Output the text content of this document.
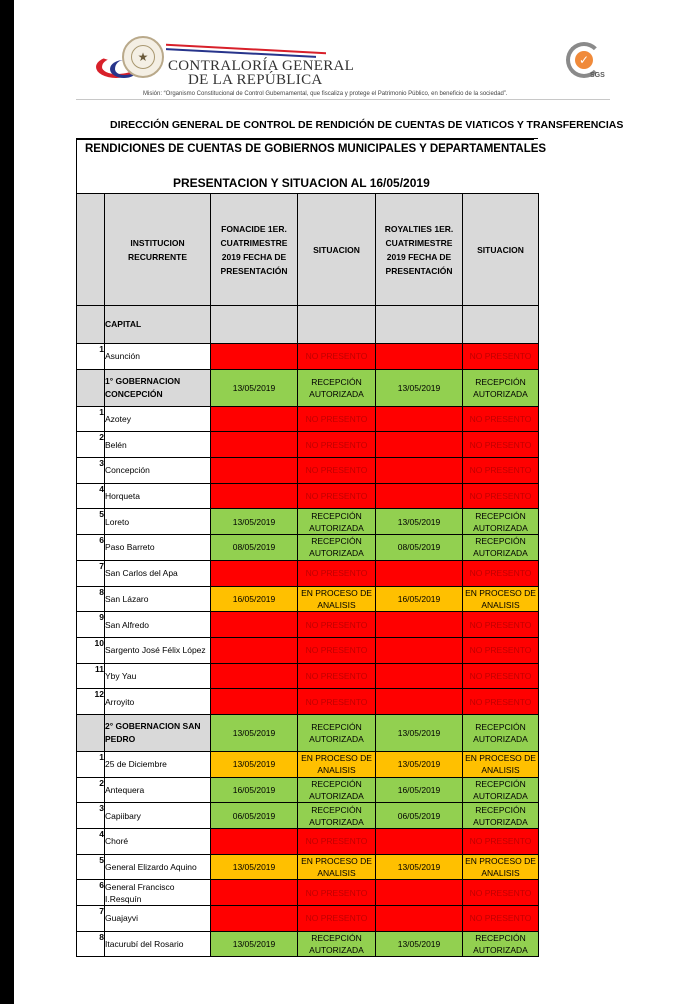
★
CONTRALORÍA GENERAL
DE LA REPÚBLICA
Misión: “Organismo Constitucional de Control Gubernamental, que fiscaliza y protege el Patrimonio Público, en beneficio de la sociedad”.
✓
SGS
DIRECCIÓN GENERAL DE CONTROL DE RENDICIÓN DE CUENTAS DE VIATICOS Y TRANSFERENCIAS
RENDICIONES DE CUENTAS DE GOBIERNOS MUNICIPALES Y DEPARTAMENTALES
PRESENTACION Y SITUACION AL 16/05/2019
	INSTITUCION RECURRENTE	FONACIDE 1ER. CUATRIMESTRE 2019 FECHA DE PRESENTACIÓN	SITUACION	ROYALTIES 1ER. CUATRIMESTRE 2019 FECHA DE PRESENTACIÓN	SITUACION
	CAPITAL				
1	Asunción		NO PRESENTO		NO PRESENTO
	1° GOBERNACION CONCEPCIÓN	13/05/2019	RECEPCIÓN AUTORIZADA	13/05/2019	RECEPCIÓN AUTORIZADA
1	Azotey		NO PRESENTO		NO PRESENTO
2	Belén		NO PRESENTO		NO PRESENTO
3	Concepción		NO PRESENTO		NO PRESENTO
4	Horqueta		NO PRESENTO		NO PRESENTO
5	Loreto	13/05/2019	RECEPCIÓN AUTORIZADA	13/05/2019	RECEPCIÓN AUTORIZADA
6	Paso Barreto	08/05/2019	RECEPCIÓN AUTORIZADA	08/05/2019	RECEPCIÓN AUTORIZADA
7	San Carlos del Apa		NO PRESENTO		NO PRESENTO
8	San Lázaro	16/05/2019	EN PROCESO DE ANALISIS	16/05/2019	EN PROCESO DE ANALISIS
9	San Alfredo		NO PRESENTO		NO PRESENTO
10	Sargento José Félix López		NO PRESENTO		NO PRESENTO
11	Yby Yau		NO PRESENTO		NO PRESENTO
12	Arroyito		NO PRESENTO		NO PRESENTO
	2° GOBERNACION SAN PEDRO	13/05/2019	RECEPCIÓN AUTORIZADA	13/05/2019	RECEPCIÓN AUTORIZADA
1	25 de Diciembre	13/05/2019	EN PROCESO DE ANALISIS	13/05/2019	EN PROCESO DE ANALISIS
2	Antequera	16/05/2019	RECEPCIÓN AUTORIZADA	16/05/2019	RECEPCIÓN AUTORIZADA
3	Capiibary	06/05/2019	RECEPCIÓN AUTORIZADA	06/05/2019	RECEPCIÓN AUTORIZADA
4	Choré		NO PRESENTO		NO PRESENTO
5	General Elizardo Aquino	13/05/2019	EN PROCESO DE ANALISIS	13/05/2019	EN PROCESO DE ANALISIS
6	General Francisco I.Resquín		NO PRESENTO		NO PRESENTO
7	Guajayvi		NO PRESENTO		NO PRESENTO
8	Itacurubí del Rosario	13/05/2019	RECEPCIÓN AUTORIZADA	13/05/2019	RECEPCIÓN AUTORIZADA
